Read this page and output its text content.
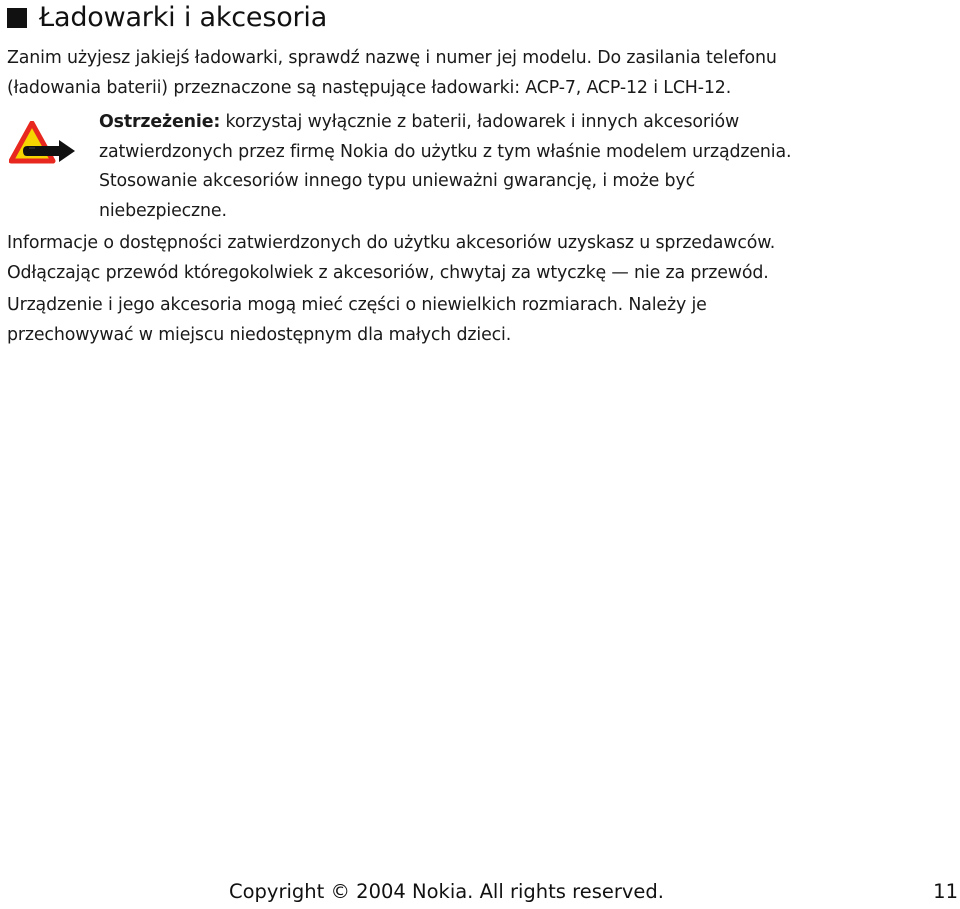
Ładowarki i akcesoria
Zanim użyjesz jakiejś ładowarki, sprawdź nazwę i numer jej modelu. Do zasilania telefonu
(ładowania baterii) przeznaczone są następujące ładowarki: ACP-7, ACP-12 i LCH-12.
Ostrzeżenie: korzystaj wyłącznie z baterii, ładowarek i innych akcesoriów
zatwierdzonych przez firmę Nokia do użytku z tym właśnie modelem urządzenia.
Stosowanie akcesoriów innego typu unieważni gwarancję, i może być
niebezpieczne.
Informacje o dostępności zatwierdzonych do użytku akcesoriów uzyskasz u sprzedawców.
Odłączając przewód któregokolwiek z akcesoriów, chwytaj za wtyczkę — nie za przewód.
Urządzenie i jego akcesoria mogą mieć części o niewielkich rozmiarach. Należy je
przechowywać w miejscu niedostępnym dla małych dzieci.
Copyright © 2004 Nokia. All rights reserved.	11
